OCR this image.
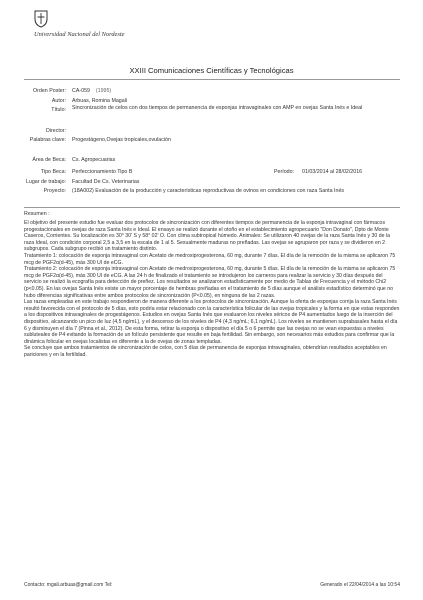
Universidad Nacional del Nordeste
XXIII Comunicaciones Científicas y Tecnológicas
Orden Poster: CA-059 (1995)
Autor: Arbuas, Romina Magali
Título: Sincronización de celos con dos tiempos de permanencia de esponjas intravaginales con AMP en ovejas Santa Inés e Ideal
Director:
Palabras clave: Progestágeno,Ovejas tropicales,ovulación
Área de Beca: Cs. Agropecuarias
Tipo Beca: Perfeccionamiento Tipo B	Período: 01/03/2014 al 28/02/2016
Lugar de trabajo: Facultad De Cs. Veterinarias
Proyecto: (18A002) Evaluación de la producción y características reproductivas de ovinos en condiciones con raza Santa Inés
Resumen :

El objetivo del presente estudio fue evaluar dos protocolos de sincronización con diferentes tiempos de permanencia de la esponja intravaginal con fármacos progestacionales en ovejas de raza Santa Inés e Ideal. El ensayo se realizó durante el otoño en el establecimiento agropecuario "Don Donato", Dpto de Monte Caseros, Corrientes. Su localización es 30° 30' S y 58° 02' O. Con clima subtropical húmedo. Animales: Se utilizaron 40 ovejas de la raza Santa Inés y 30 de la raza Ideal, con condición corporal 2,5 a 3,5 en la escala de 1 al 5. Sexualmente maduras no preñadas. Las ovejas se agruparon por raza y se dividieron en 2 subgrupos. Cada subgrupo recibió un tratamiento distinto.

Tratamiento 1: colocación de esponja intravaginal con Acetato de medroxiprogesterona, 60 mg, durante 7 días. El día de la remoción de la misma se aplicaron 75 mcg de PGF2α(d-45), más 300 UI de eCG.

Tratamiento 2: colocación de esponja intravaginal con Acetato de medroxiprogesterona, 60 mg, durante 5 días. El día de la remoción de la misma se aplicaron 75 mcg de PGF2α(d-45), más 300 UI de eCG. A las 24 h de finalizado el tratamiento se introdujeron los carneros para realizar la servicio y 30 días después del servicio se realizó la ecografía para detección de preñez. Los resultados se analizaron estadísticamente por medio de Tablas de Frecuencia y el método Chi2 (p<0.05). En las ovejas Santa Inés existe un mayor porcentaje de hembras preñadas en el tratamiento de 5 días aunque el análisis estadístico determinó que no hubo diferencias significativas entre ambos protocolos de sincronización (P<0.05), en ninguna de las 2 razas.

Las razas empleadas en este trabajo respondieron de manera diferente a los protocolos de sincronización. Aunque la oferta de esponjas corrija la raza Santa Inés resultó favorecida con el protocolo de 5 días, esto podría estar relacionado con la característica folicular de las ovejas tropicales y la forma en que estas responden a los dispositivos intravaginales de progestágenos. Estudios en ovejas Santa Inés que evaluaron los niveles séricos de P4 aumentados luego de la inserción del dispositivo, alcanzando un pico de luz (4,5 ng/mL), y el descenso de los niveles de P4 (4,3 ng/mL; 6,1 ng/mL). Los niveles se mantienen suprabasales hasta el día 6 y disminuyen el día 7 (Pinna et al., 2012). De esta forma, retirar la esponja o dispositivo el día 5 o 6 permite que las ovejas no se vean expuestas a niveles subluteales de P4 evitando la formación de un folículo persistente que resulte en baja fertilidad. Sin embargo, son necesarios más estudios para confirmar que la dinámica folicular en ovejas localistas es diferente a la de ovejas de zonas templadas.

Se concluye que ambos tratamientos de sincronización de celos, con 5 días de permanencia de esponjas intravaginales, obtendrían resultados aceptables en pariciones y en la fertilidad.

Contacto: mgali.arbuas@gmail.com Tel:	Generado el 22/04/2014 a las 10:54
